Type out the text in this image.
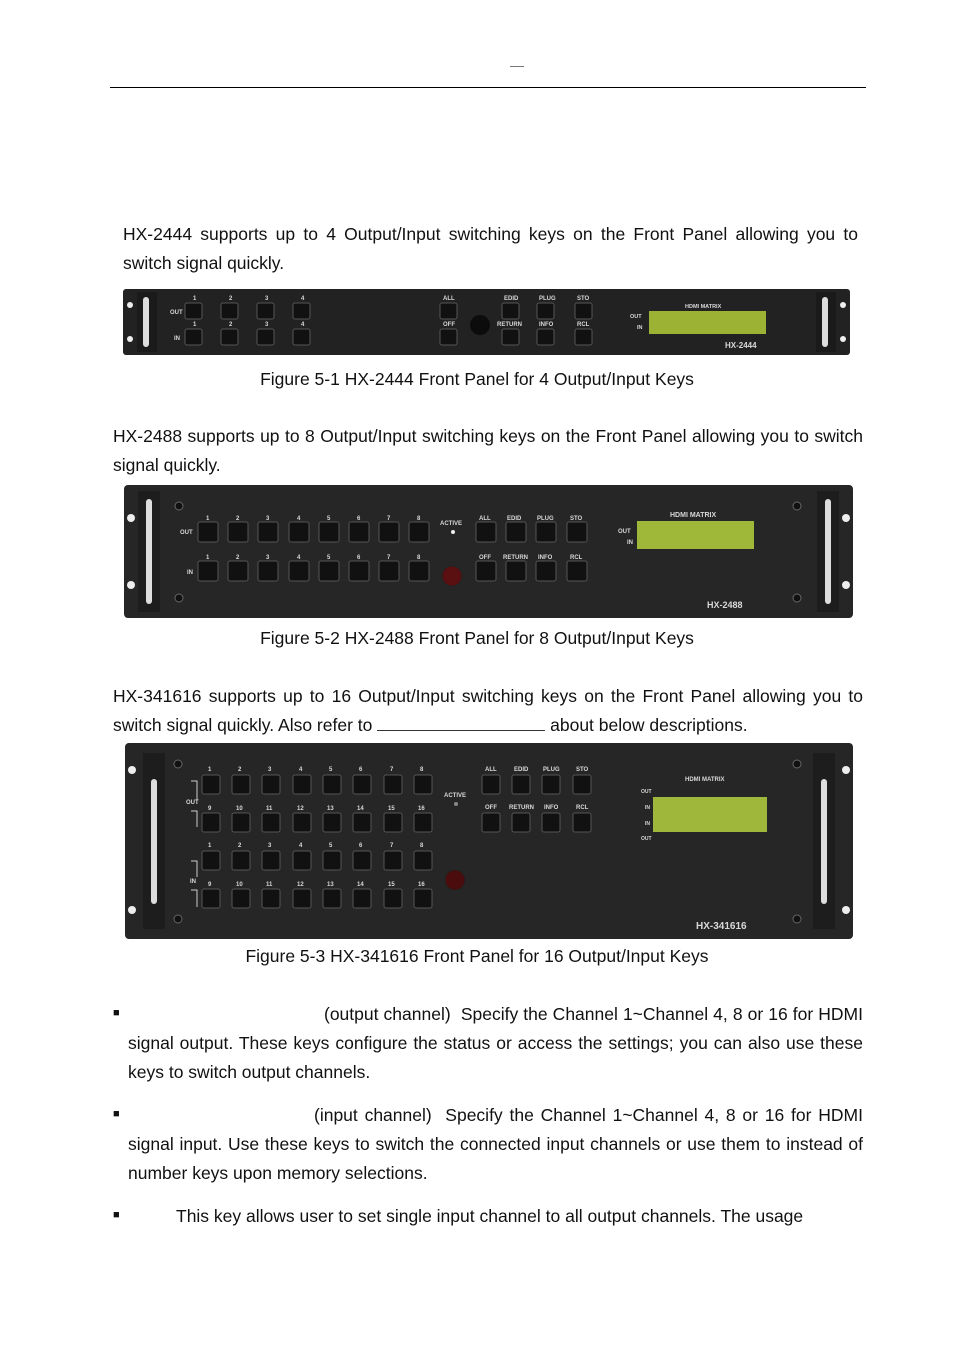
HX-2444 supports up to 4 Output/Input switching keys on the Front Panel allowing you to switch signal quickly.

OUT
IN
1	2	3	4
1	2	3	4
ALL
OFF
EDID
RETURN
PLUG
INFO
STO
RCL
HDMI MATRIX
OUT
IN
HX-2444
Figure 5-1 HX-2444 Front Panel for 4 Output/Input Keys

HX-2488 supports up to 8 Output/Input switching keys on the Front Panel allowing you to switch signal quickly.

OUT
IN
1	2	3	4	5	6	7	8
1	2	3	4	5	6	7	8
ACTIVE
ALL	EDID	PLUG	STO
OFF RETURN INFO	RCL
HDMI MATRIX
OUT
IN
HX-2488
Figure 5-2 HX-2488 Front Panel for 8 Output/Input Keys

HX-341616 supports up to 16 Output/Input switching keys on the Front Panel allowing you to switch signal quickly. Also refer to	about below descriptions.

OUT
IN
1	2	3	4	5	6	7	8
9	10	11	12	13	14	15	16
1	2	3	4	5	6	7	8
9	10	11	12	13	14	15	16
ACTIVE
ALL	EDID PLUG	STO
OFF RETURN INFO	RCL
HDMI MATRIX
OUT
IN
IN
OUT
HX-341616
Figure 5-3 HX-341616 Front Panel for 16 Output/Input Keys
■	(output channel) Specify the Channel 1~Channel 4, 8 or 16 for HDMI signal output. These keys configure the status or access the settings; you can also use these keys to switch output channels.

■	(input channel) Specify the Channel 1~Channel 4, 8 or 16 for HDMI signal input. Use these keys to switch the connected input channels or use them to instead of number keys upon memory selections.

■	This key allows user to set single input channel to all output channels. The usage
